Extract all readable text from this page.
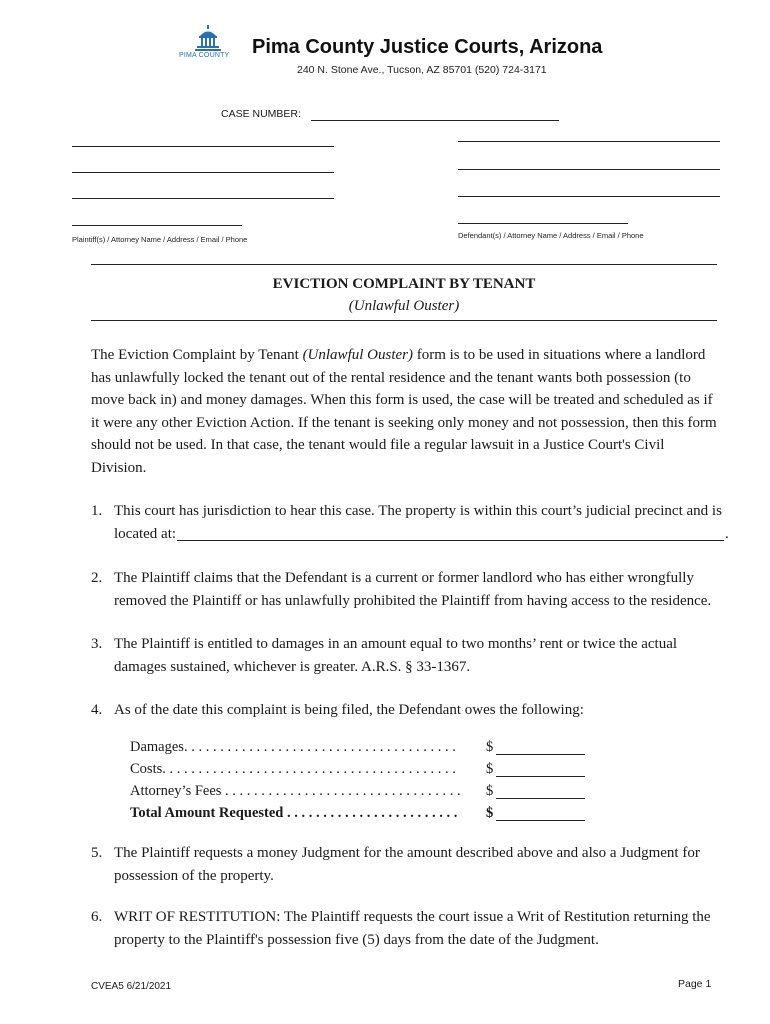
PIMA COUNTY Pima County Justice Courts, Arizona
240 N. Stone Ave., Tucson, AZ 85701 (520) 724-3171
CASE NUMBER:
Plaintiff(s) / Attorney Name / Address / Email / Phone	Defendant(s) / Attorney Name / Address / Email / Phone
EVICTION COMPLAINT BY TENANT
(Unlawful Ouster)
The Eviction Complaint by Tenant (Unlawful Ouster) form is to be used in situations where a landlord has unlawfully locked the tenant out of the rental residence and the tenant wants both possession (to move back in) and money damages. When this form is used, the case will be treated and scheduled as if it were any other Eviction Action. If the tenant is seeking only money and not possession, then this form should not be used. In that case, the tenant would file a regular lawsuit in a Justice Court's Civil Division.
1. This court has jurisdiction to hear this case. The property is within this court’s judicial precinct and is
located at:	.
2. The Plaintiff claims that the Defendant is a current or former landlord who has either wrongfully
removed the Plaintiff or has unlawfully prohibited the Plaintiff from having access to the residence.
3. The Plaintiff is entitled to damages in an amount equal to two months’ rent or twice the actual
damages sustained, whichever is greater. A.R.S. § 33-1367.
4. As of the date this complaint is being filed, the Defendant owes the following:
Damages. . . . . . . . . . . . . . . . . . . . . . . . . . . . . . . . . . . . . . $
Costs. . . . . . . . . . . . . . . . . . . . . . . . . . . . . . . . . . . . . . . . . $
Attorney’s Fees . . . . . . . . . . . . . . . . . . . . . . . . . . . . . . . . . $
Total Amount Requested . . . . . . . . . . . . . . . . . . . . . . . . $
5. The Plaintiff requests a money Judgment for the amount described above and also a Judgment for
possession of the property.
6. WRIT OF RESTITUTION: The Plaintiff requests the court issue a Writ of Restitution returning the
property to the Plaintiff's possession five (5) days from the date of the Judgment.
CVEA5 6/21/2021	Page 1
